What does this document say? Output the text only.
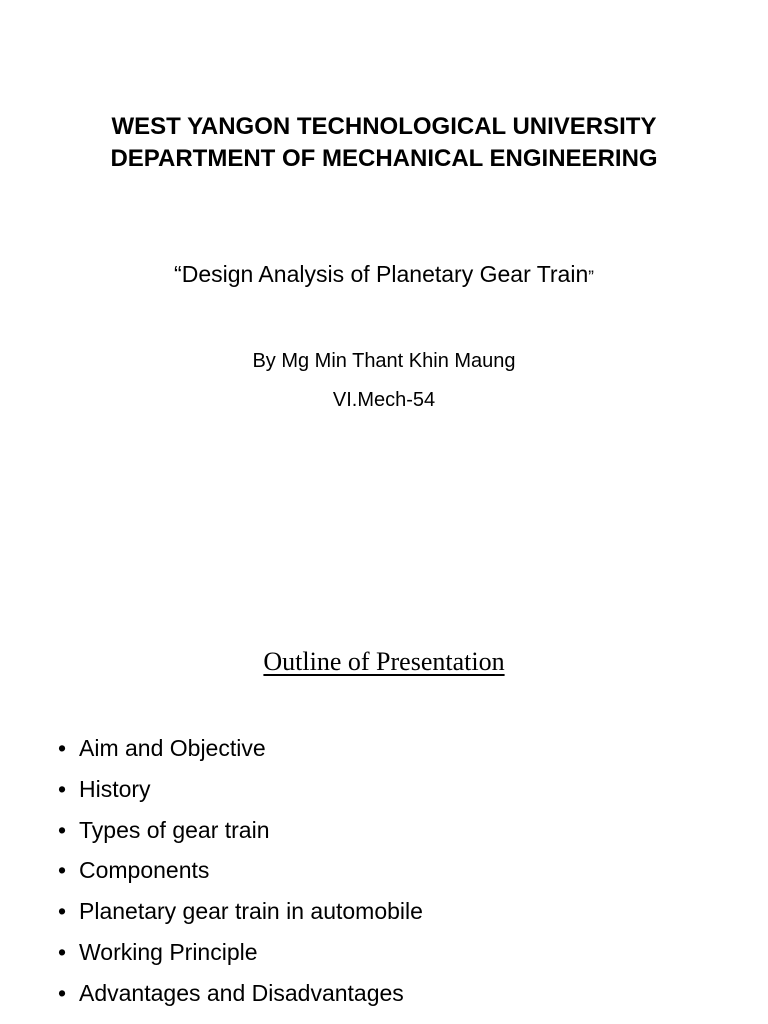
WEST YANGON TECHNOLOGICAL UNIVERSITY
DEPARTMENT OF MECHANICAL ENGINEERING
“Design Analysis of Planetary Gear Train”
By Mg Min Thant Khin Maung
VI.Mech-54
Outline of Presentation
• Aim and Objective
• History
• Types of gear train
• Components
• Planetary gear train in automobile
• Working Principle
• Advantages and Disadvantages
